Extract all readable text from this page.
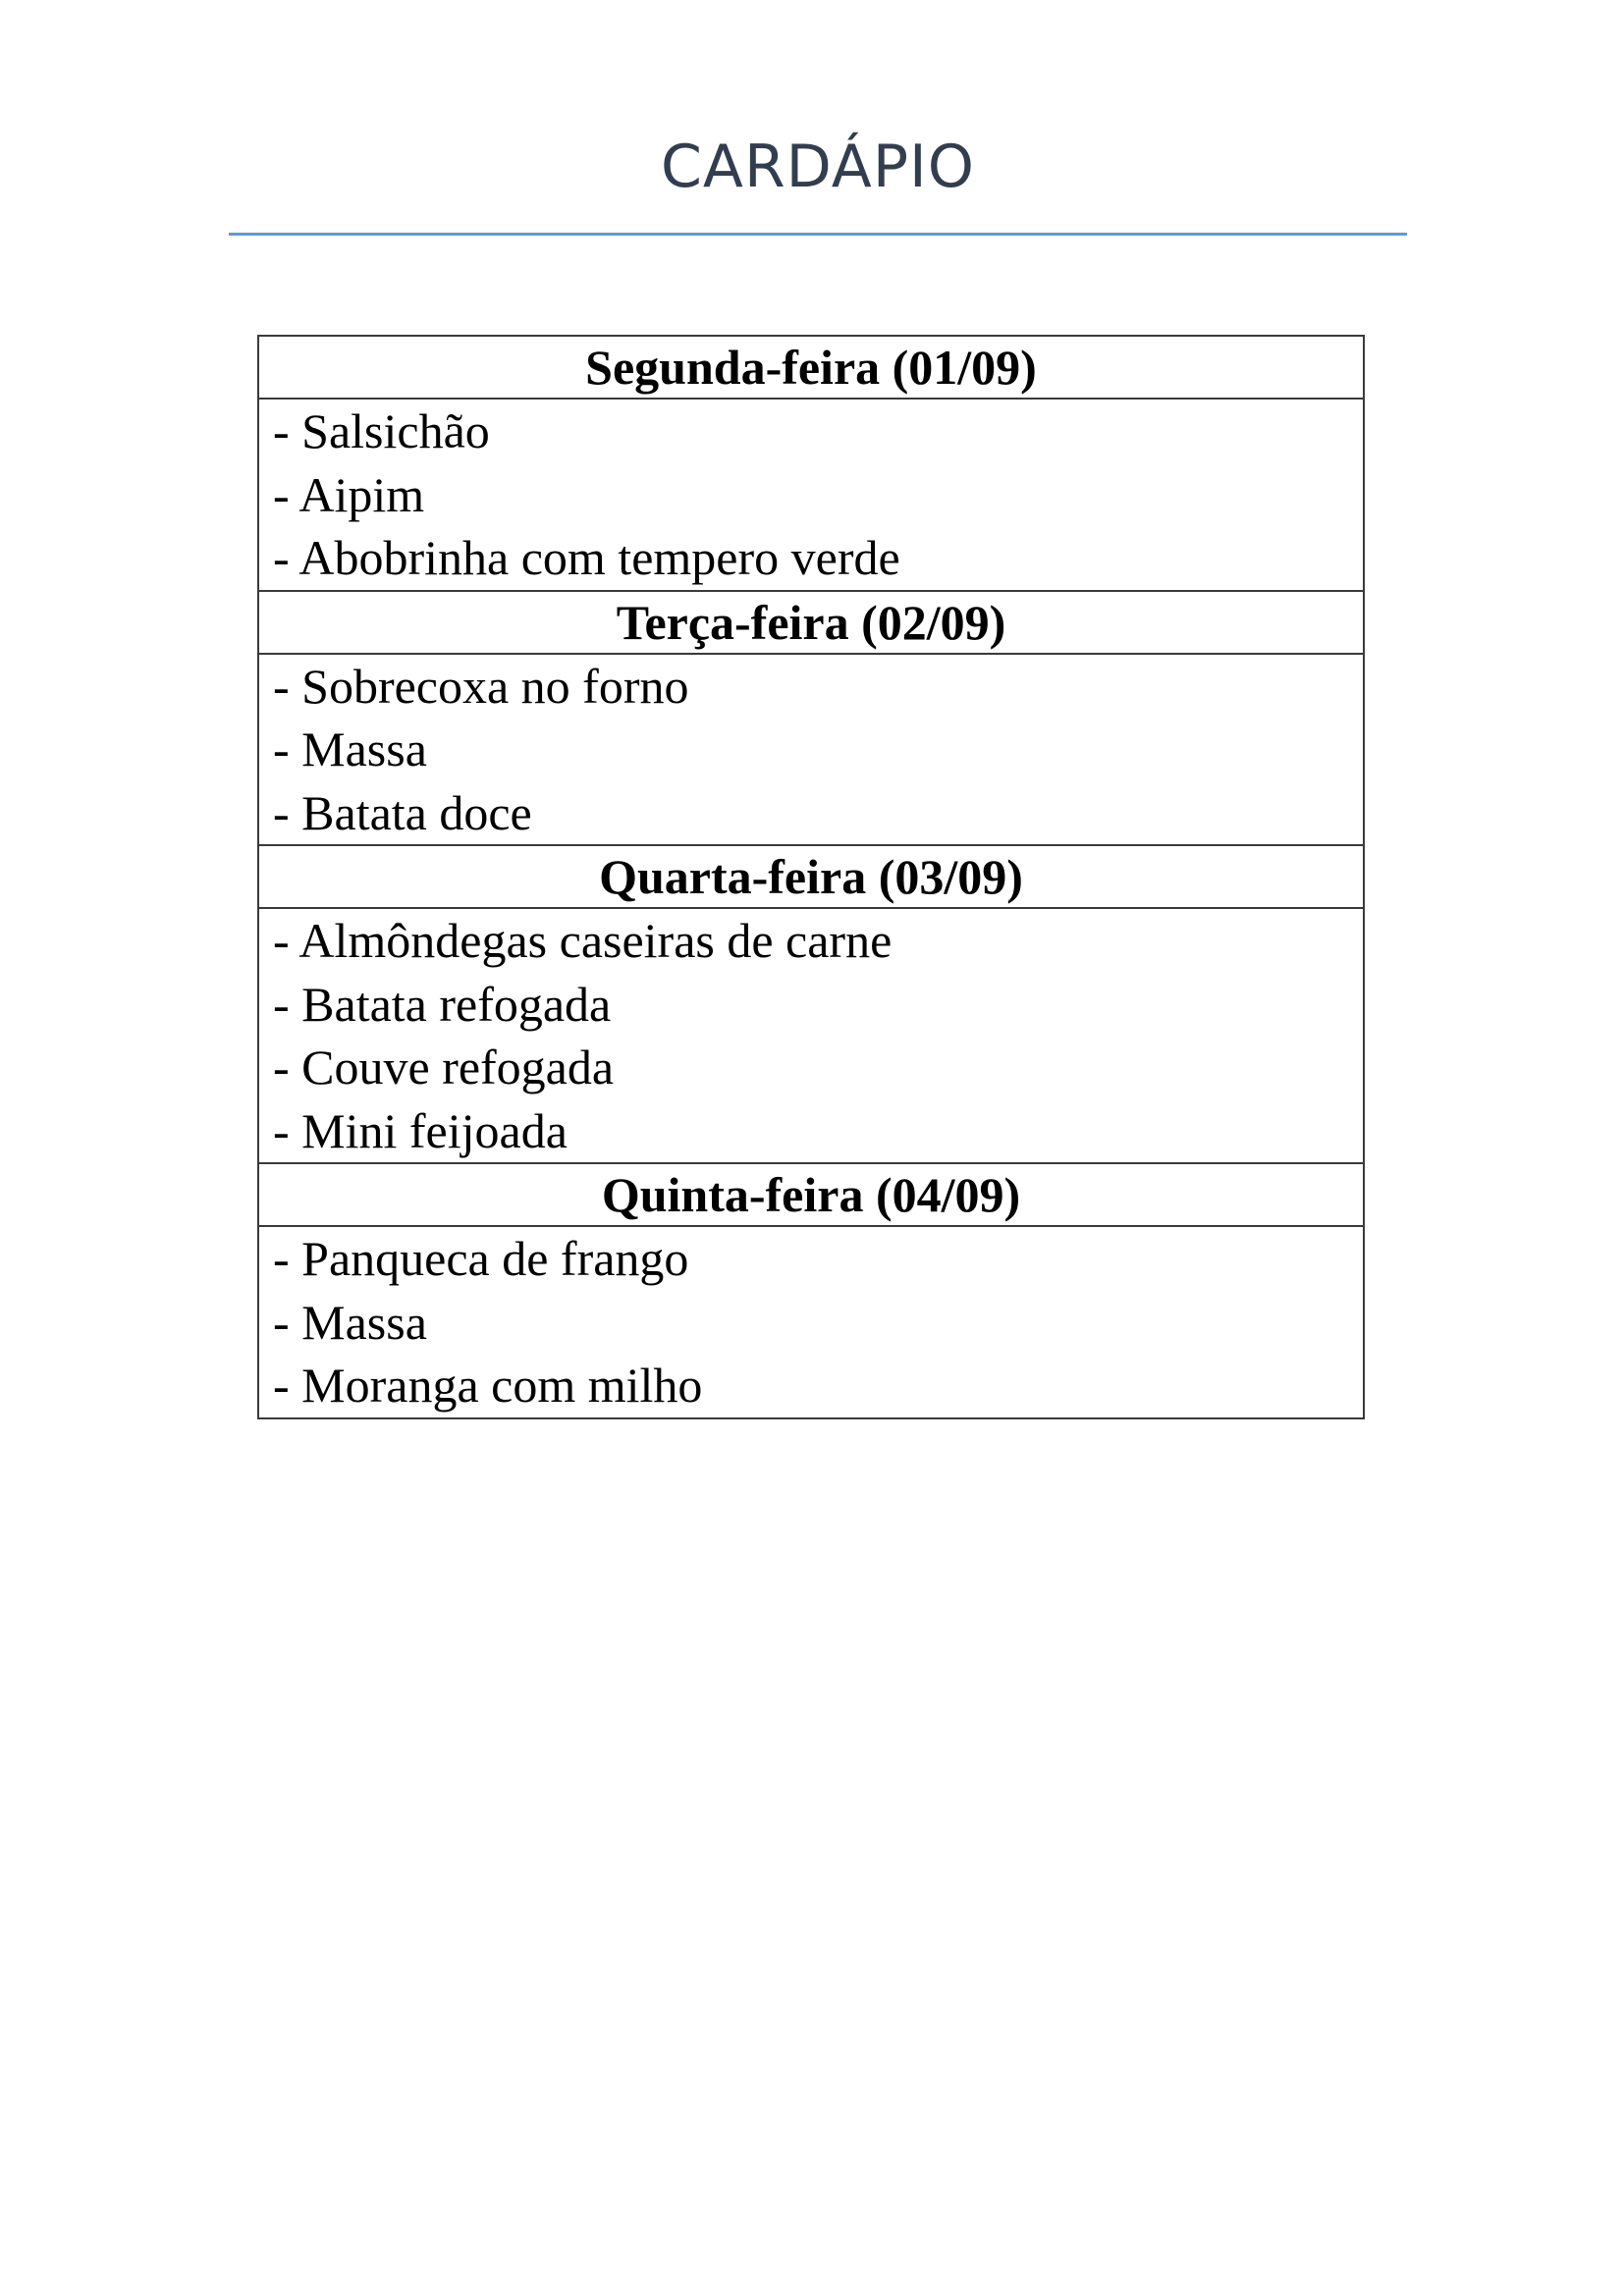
CARDÁPIO
Segunda-feira (01/09)

- Salsichão
- Aipim
- Abobrinha com tempero verde

Terça-feira (02/09)

- Sobrecoxa no forno
- Massa
- Batata doce

Quarta-feira (03/09)

- Almôndegas caseiras de carne
- Batata refogada
- Couve refogada
- Mini feijoada

Quinta-feira (04/09)

- Panqueca de frango
- Massa
- Moranga com milho
